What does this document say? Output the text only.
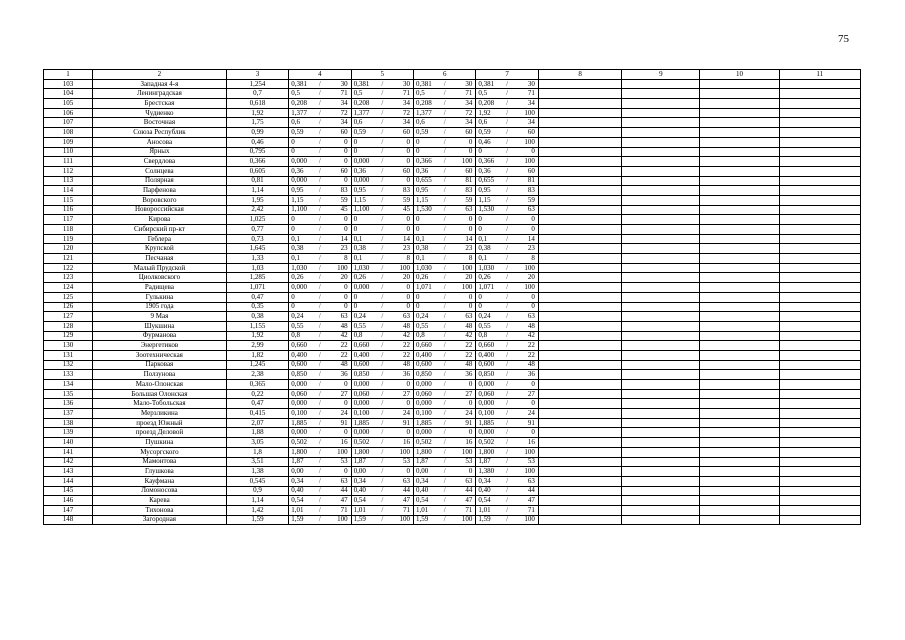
75
1	2	3	4			5			6			7			8	9	10	11
103	Западная 4-я	1,254	0,381	/	30	0,381	/	30	0,381	/	30	0,381	/	30				
104	Ленинградская	0,7	0,5	/	71	0,5	/	71	0,5	/	71	0,5	/	71				
105	Брестская	0,618	0,208	/	34	0,208	/	34	0,208	/	34	0,208	/	34				
106	Чудиенко	1,92	1,377	/	72	1,377	/	72	1,377	/	72	1,92	/	100				
107	Восточная	1,75	0,6	/	34	0,6	/	34	0,6	/	34	0,6	/	34				
108	Союза Республик	0,99	0,59	/	60	0,59	/	60	0,59	/	60	0,59	/	60				
109	Аносова	0,46	0	/	0	0	/	0	0	/	0	0,46	/	100				
110	Ярных	0,795	0	/	0	0	/	0	0	/	0	0	/	0				
111	Свердлова	0,366	0,000	/	0	0,000	/	0	0,366	/	100	0,366	/	100				
112	Солнцева	0,605	0,36	/	60	0,36	/	60	0,36	/	60	0,36	/	60				
113	Полярная	0,81	0,000	/	0	0,000	/	0	0,655	/	81	0,655	/	81				
114	Парфенова	1,14	0,95	/	83	0,95	/	83	0,95	/	83	0,95	/	83				
115	Воровского	1,95	1,15	/	59	1,15	/	59	1,15	/	59	1,15	/	59				
116	Новороссийская	2,42	1,100	/	45	1,100	/	45	1,530	/	63	1,530	/	63				
117	Кирова	1,025	0	/	0	0	/	0	0	/	0	0	/	0				
118	Сибирский пр-кт	0,77	0	/	0	0	/	0	0	/	0	0	/	0				
119	Геблера	0,73	0,1	/	14	0,1	/	14	0,1	/	14	0,1	/	14				
120	Крупской	1,645	0,38	/	23	0,38	/	23	0,38	/	23	0,38	/	23				
121	Песчаная	1,33	0,1	/	8	0,1	/	8	0,1	/	8	0,1	/	8				
122	Малый Прудской	1,03	1,030	/	100	1,030	/	100	1,030	/	100	1,030	/	100				
123	Циолковского	1,285	0,26	/	20	0,26	/	20	0,26	/	20	0,26	/	20				
124	Радищева	1,071	0,000	/	0	0,000	/	0	1,071	/	100	1,071	/	100				
125	Гулькина	0,47	0	/	0	0	/	0	0	/	0	0	/	0				
126	1905 года	0,35	0	/	0	0	/	0	0	/	0	0	/	0				
127	9 Мая	0,38	0,24	/	63	0,24	/	63	0,24	/	63	0,24	/	63				
128	Шукшина	1,155	0,55	/	48	0,55	/	48	0,55	/	48	0,55	/	48				
129	Фурманова	1,92	0,8	/	42	0,8	/	42	0,8	/	42	0,8	/	42				
130	Энергетиков	2,99	0,660	/	22	0,660	/	22	0,660	/	22	0,660	/	22				
131	Зоотехническая	1,82	0,400	/	22	0,400	/	22	0,400	/	22	0,400	/	22				
132	Парковая	1,245	0,600	/	48	0,600	/	48	0,600	/	48	0,600	/	48				
133	Ползунова	2,38	0,850	/	36	0,850	/	36	0,850	/	36	0,850	/	36				
134	Мало-Олонская	0,365	0,000	/	0	0,000	/	0	0,000	/	0	0,000	/	0				
135	Большая Олонская	0,22	0,060	/	27	0,060	/	27	0,060	/	27	0,060	/	27				
136	Мало-Тобольская	0,47	0,000	/	0	0,000	/	0	0,000	/	0	0,000	/	0				
137	Мерзликина	0,415	0,100	/	24	0,100	/	24	0,100	/	24	0,100	/	24				
138	проезд Южный	2,07	1,885	/	91	1,885	/	91	1,885	/	91	1,885	/	91				
139	проезд Деловой	1,88	0,000	/	0	0,000	/	0	0,000	/	0	0,000	/	0				
140	Пушкина	3,05	0,502	/	16	0,502	/	16	0,502	/	16	0,502	/	16				
141	Мусоргского	1,8	1,800	/	100	1,800	/	100	1,800	/	100	1,800	/	100				
142	Мамонтова	3,51	1,87	/	53	1,87	/	53	1,87	/	53	1,87	/	53				
143	Глушкова	1,38	0,00	/	0	0,00	/	0	0,00	/	0	1,380	/	100				
144	Кауфмана	0,545	0,34	/	63	0,34	/	63	0,34	/	63	0,34	/	63				
145	Ломоносова	0,9	0,40	/	44	0,40	/	44	0,40	/	44	0,40	/	44				
146	Карева	1,14	0,54	/	47	0,54	/	47	0,54	/	47	0,54	/	47				
147	Тихонова	1,42	1,01	/	71	1,01	/	71	1,01	/	71	1,01	/	71				
148	Загородная	1,59	1,59	/	100	1,59	/	100	1,59	/	100	1,59	/	100				
